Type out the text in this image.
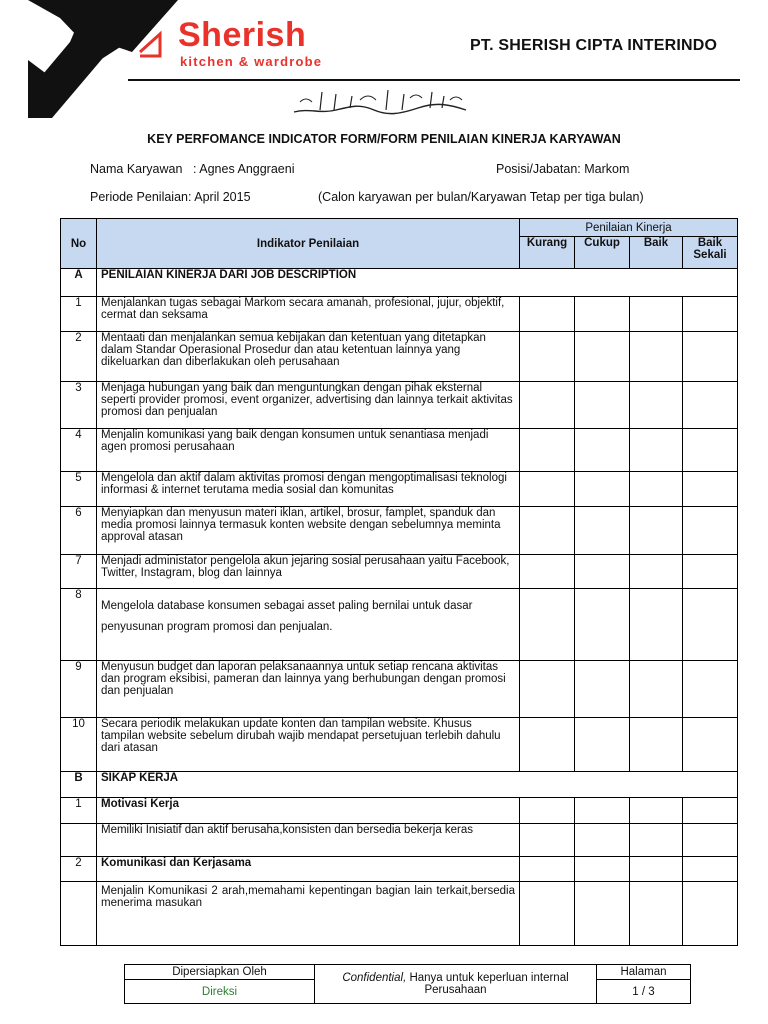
Sherish
kitchen & wardrobe
PT. SHERISH CIPTA INTERINDO
KEY PERFOMANCE INDICATOR FORM/FORM PENILAIAN KINERJA KARYAWAN
Nama Karyawan : Agnes Anggraeni	Posisi/Jabatan: Markom
Periode Penilaian: April 2015	(Calon karyawan per bulan/Karyawan Tetap per tiga bulan)
No	Indikator Penilaian	Penilaian Kinerja			
		Kurang	Cukup	Baik	Baik Sekali
A	PENILAIAN KINERJA DARI JOB DESCRIPTION				
1	Menjalankan tugas sebagai Markom secara amanah, profesional, jujur, objektif, cermat dan seksama				
2	Mentaati dan menjalankan semua kebijakan dan ketentuan yang ditetapkan dalam Standar Operasional Prosedur dan atau ketentuan lainnya yang dikeluarkan dan diberlakukan oleh perusahaan				
3	Menjaga hubungan yang baik dan menguntungkan dengan pihak eksternal seperti provider promosi, event organizer, advertising dan lainnya terkait aktivitas promosi dan penjualan				
4	Menjalin komunikasi yang baik dengan konsumen untuk senantiasa menjadi agen promosi perusahaan				
5	Mengelola dan aktif dalam aktivitas promosi dengan mengoptimalisasi teknologi informasi & internet terutama media sosial dan komunitas				
6	Menyiapkan dan menyusun materi iklan, artikel, brosur, famplet, spanduk dan media promosi lainnya termasuk konten website dengan sebelumnya meminta approval atasan				
7	Menjadi administator pengelola akun jejaring sosial perusahaan yaitu Facebook, Twitter, Instagram, blog dan lainnya				
8	Mengelola database konsumen sebagai asset paling bernilai untuk dasar penyusunan program promosi dan penjualan.				
9	Menyusun budget dan laporan pelaksanaannya untuk setiap rencana aktivitas dan program eksibisi, pameran dan lainnya yang berhubungan dengan promosi dan penjualan				
10	Secara periodik melakukan update konten dan tampilan website. Khusus tampilan website sebelum dirubah wajib mendapat persetujuan terlebih dahulu dari atasan				
B	SIKAP KERJA				
1	Motivasi Kerja				
	Memiliki Inisiatif dan aktif berusaha,konsisten dan bersedia bekerja keras				
2	Komunikasi dan Kerjasama				
	Menjalin Komunikasi 2 arah,memahami kepentingan bagian lain terkait,bersedia menerima masukan				
Dipersiapkan Oleh	Confidential, Hanya untuk keperluan internal Perusahaan	Halaman
Direksi		1 / 3
